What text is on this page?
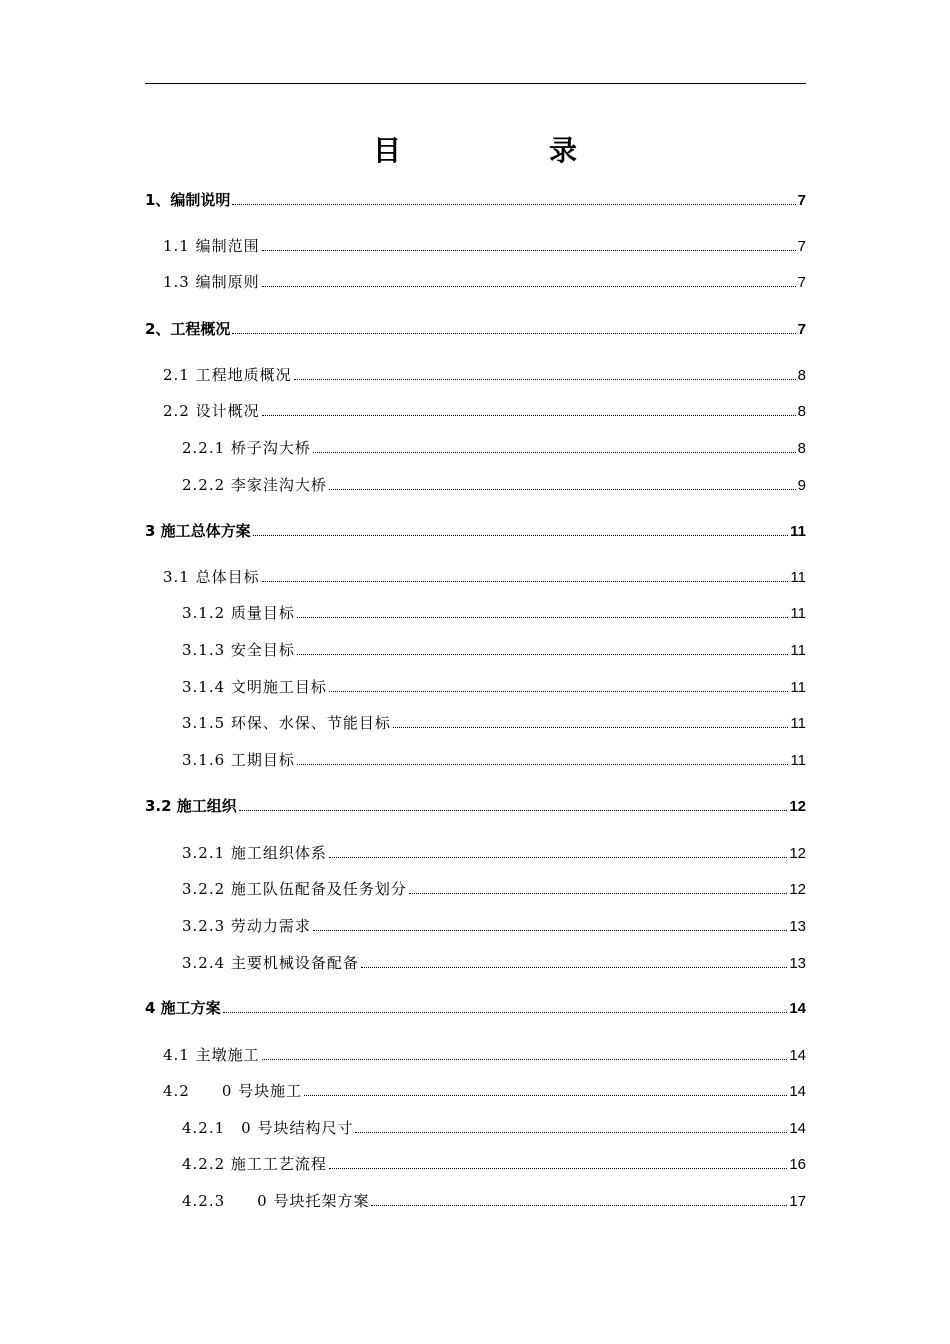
目　录
1、编制说明	7
1.1 编制范围	7
1.3 编制原则	7
2、工程概况	7
2.1 工程地质概况	8
2.2 设计概况	8
2.2.1 桥子沟大桥	8
2.2.2 李家洼沟大桥	9
3 施工总体方案	11
3.1 总体目标	11
3.1.2 质量目标	11
3.1.3 安全目标	11
3.1.4 文明施工目标	11
3.1.5 环保、水保、节能目标	11
3.1.6 工期目标	11
3.2 施工组织	12
3.2.1 施工组织体系	12
3.2.2 施工队伍配备及任务划分	12
3.2.3 劳动力需求	13
3.2.4 主要机械设备配备	13
4 施工方案	14
4.1 主墩施工	14
4.2　　0 号块施工	14
4.2.1　0 号块结构尺寸	14
4.2.2 施工工艺流程	16
4.2.3　　0 号块托架方案	17
